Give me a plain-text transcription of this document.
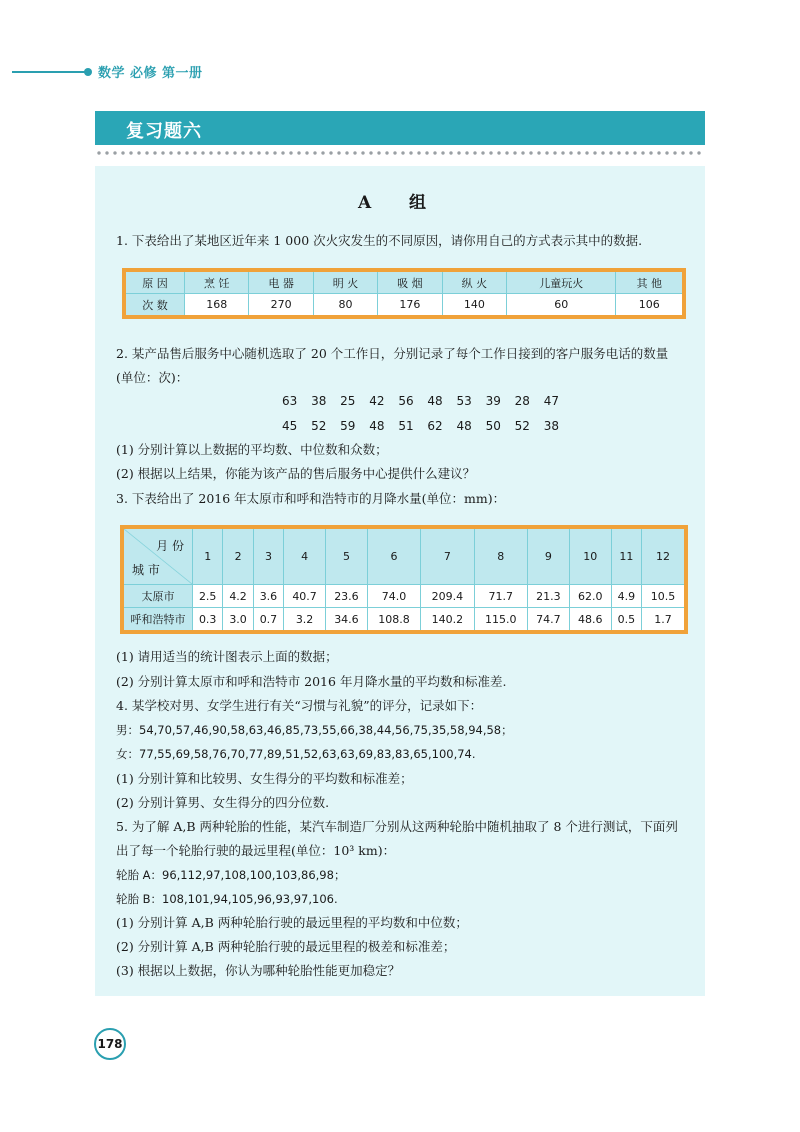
数学 必修 第一册
复习题六
A 组
1. 下表给出了某地区近年来 1 000 次火灾发生的不同原因，请你用自己的方式表示其中的数据.
原 因	烹 饪	电 器	明 火	吸 烟	纵 火	儿童玩火	其 他
次 数	168	270	80	176	140	60	106
2. 某产品售后服务中心随机选取了 20 个工作日，分别记录了每个工作日接到的客户服务电话的数量
(单位：次)：
63 38 25 42 56 48 53 39 28 47
45 52 59 48 51 62 48 50 52 38
(1) 分别计算以上数据的平均数、中位数和众数；
(2) 根据以上结果，你能为该产品的售后服务中心提供什么建议？
3. 下表给出了 2016 年太原市和呼和浩特市的月降水量(单位：mm)：
月 份
城 市	1	2	3	4	5	6	7	8	9	10	11	12
太原市	2.5	4.2	3.6	40.7	23.6	74.0	209.4	71.7	21.3	62.0	4.9	10.5
呼和浩特市	0.3	3.0	0.7	3.2	34.6	108.8	140.2	115.0	74.7	48.6	0.5	1.7
(1) 请用适当的统计图表示上面的数据；
(2) 分别计算太原市和呼和浩特市 2016 年月降水量的平均数和标准差.
4. 某学校对男、女学生进行有关“习惯与礼貌”的评分，记录如下：
男：54,70,57,46,90,58,63,46,85,73,55,66,38,44,56,75,35,58,94,58；
女：77,55,69,58,76,70,77,89,51,52,63,63,69,83,83,65,100,74.
(1) 分别计算和比较男、女生得分的平均数和标准差；
(2) 分别计算男、女生得分的四分位数.
5. 为了解 A,B 两种轮胎的性能，某汽车制造厂分别从这两种轮胎中随机抽取了 8 个进行测试，下面列
出了每一个轮胎行驶的最远里程(单位：10³ km)：
轮胎 A：96,112,97,108,100,103,86,98；
轮胎 B：108,101,94,105,96,93,97,106.
(1) 分别计算 A,B 两种轮胎行驶的最远里程的平均数和中位数；
(2) 分别计算 A,B 两种轮胎行驶的最远里程的极差和标准差；
(3) 根据以上数据，你认为哪种轮胎性能更加稳定？
178
